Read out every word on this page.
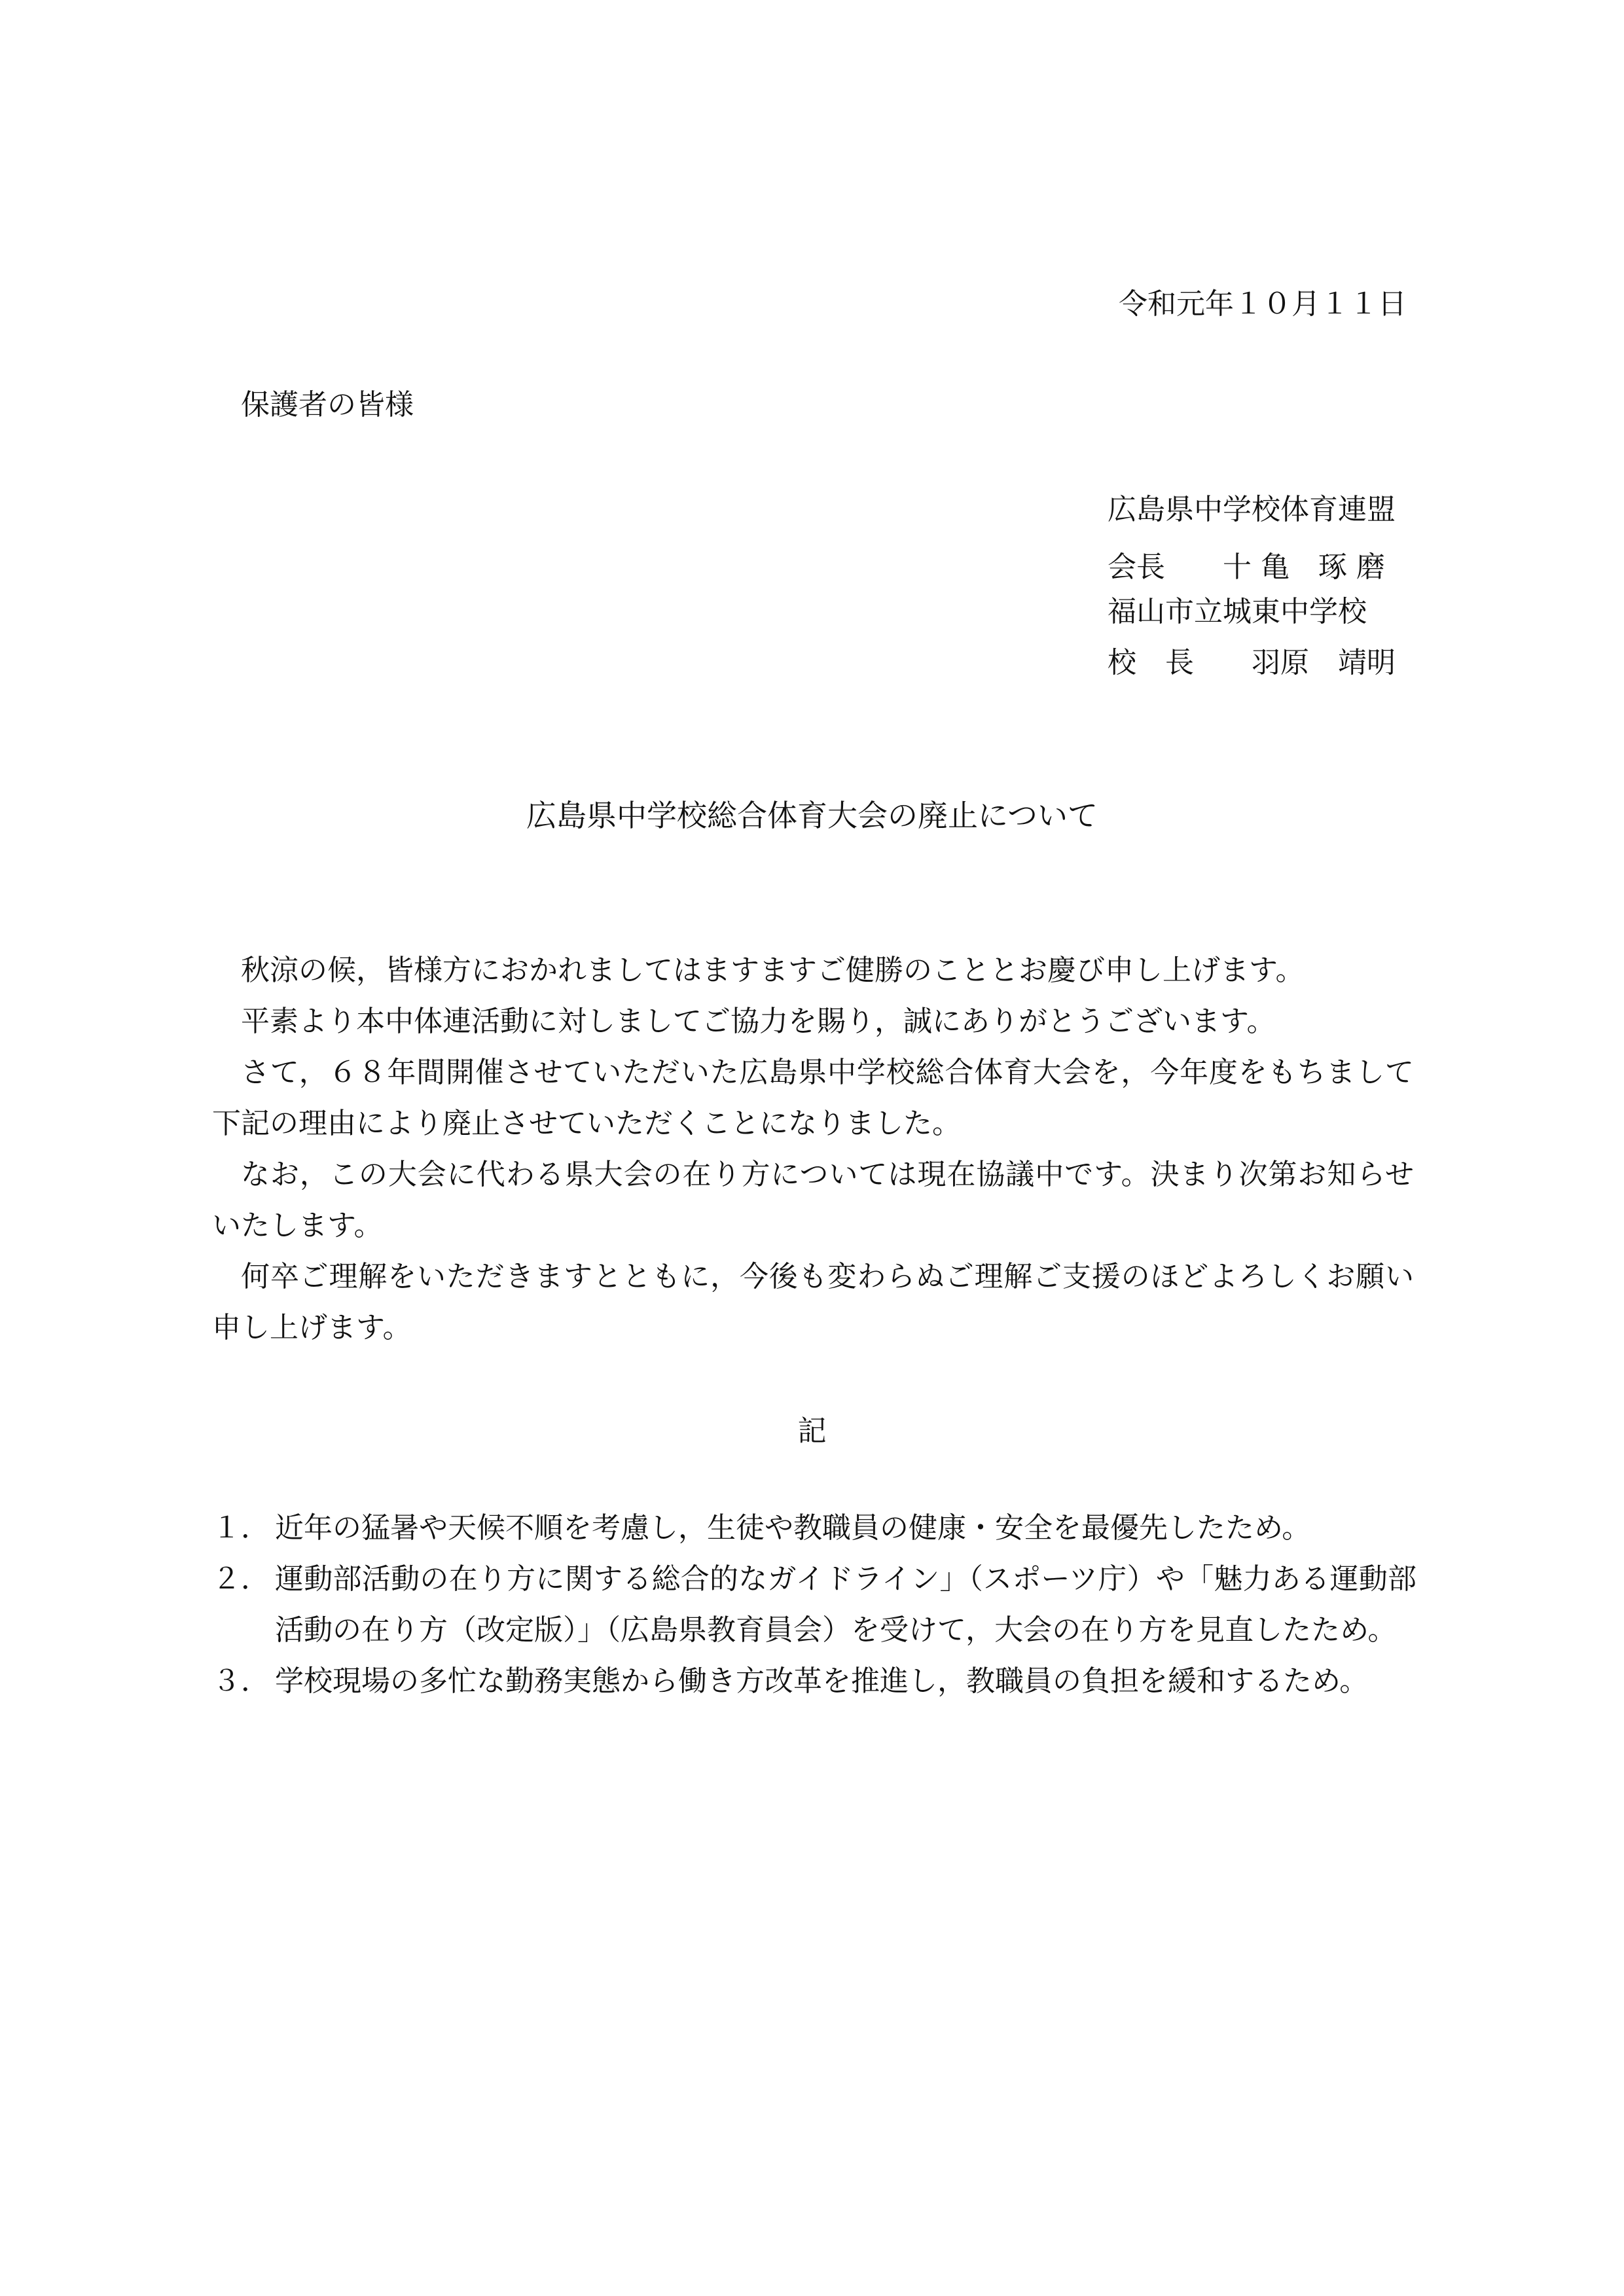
令和元年１０月１１日
保護者の皆様
広島県中学校体育連盟
会長　　十 亀　琢 磨
福山市立城東中学校
校　長　　羽原　靖明
広島県中学校総合体育大会の廃止について

秋涼の候，皆様方におかれましてはますますご健勝のこととお慶び申し上げます。

平素より本中体連活動に対しましてご協力を賜り，誠にありがとうございます。

さて，６８年間開催させていただいた広島県中学校総合体育大会を，今年度をもちまして下記の理由により廃止させていただくことになりました。

なお，この大会に代わる県大会の在り方については現在協議中です。決まり次第お知らせいたします。

何卒ご理解をいただきますとともに，今後も変わらぬご理解ご支援のほどよろしくお願い申し上げます。

記
１． 近年の猛暑や天候不順を考慮し，生徒や教職員の健康・安全を最優先したため。
２． 運動部活動の在り方に関する総合的なガイドライン」（スポーツ庁）や「魅力ある運動部活動の在り方（改定版）」（広島県教育員会）を受けて，大会の在り方を見直したため。
３． 学校現場の多忙な勤務実態から働き方改革を推進し，教職員の負担を緩和するため。
